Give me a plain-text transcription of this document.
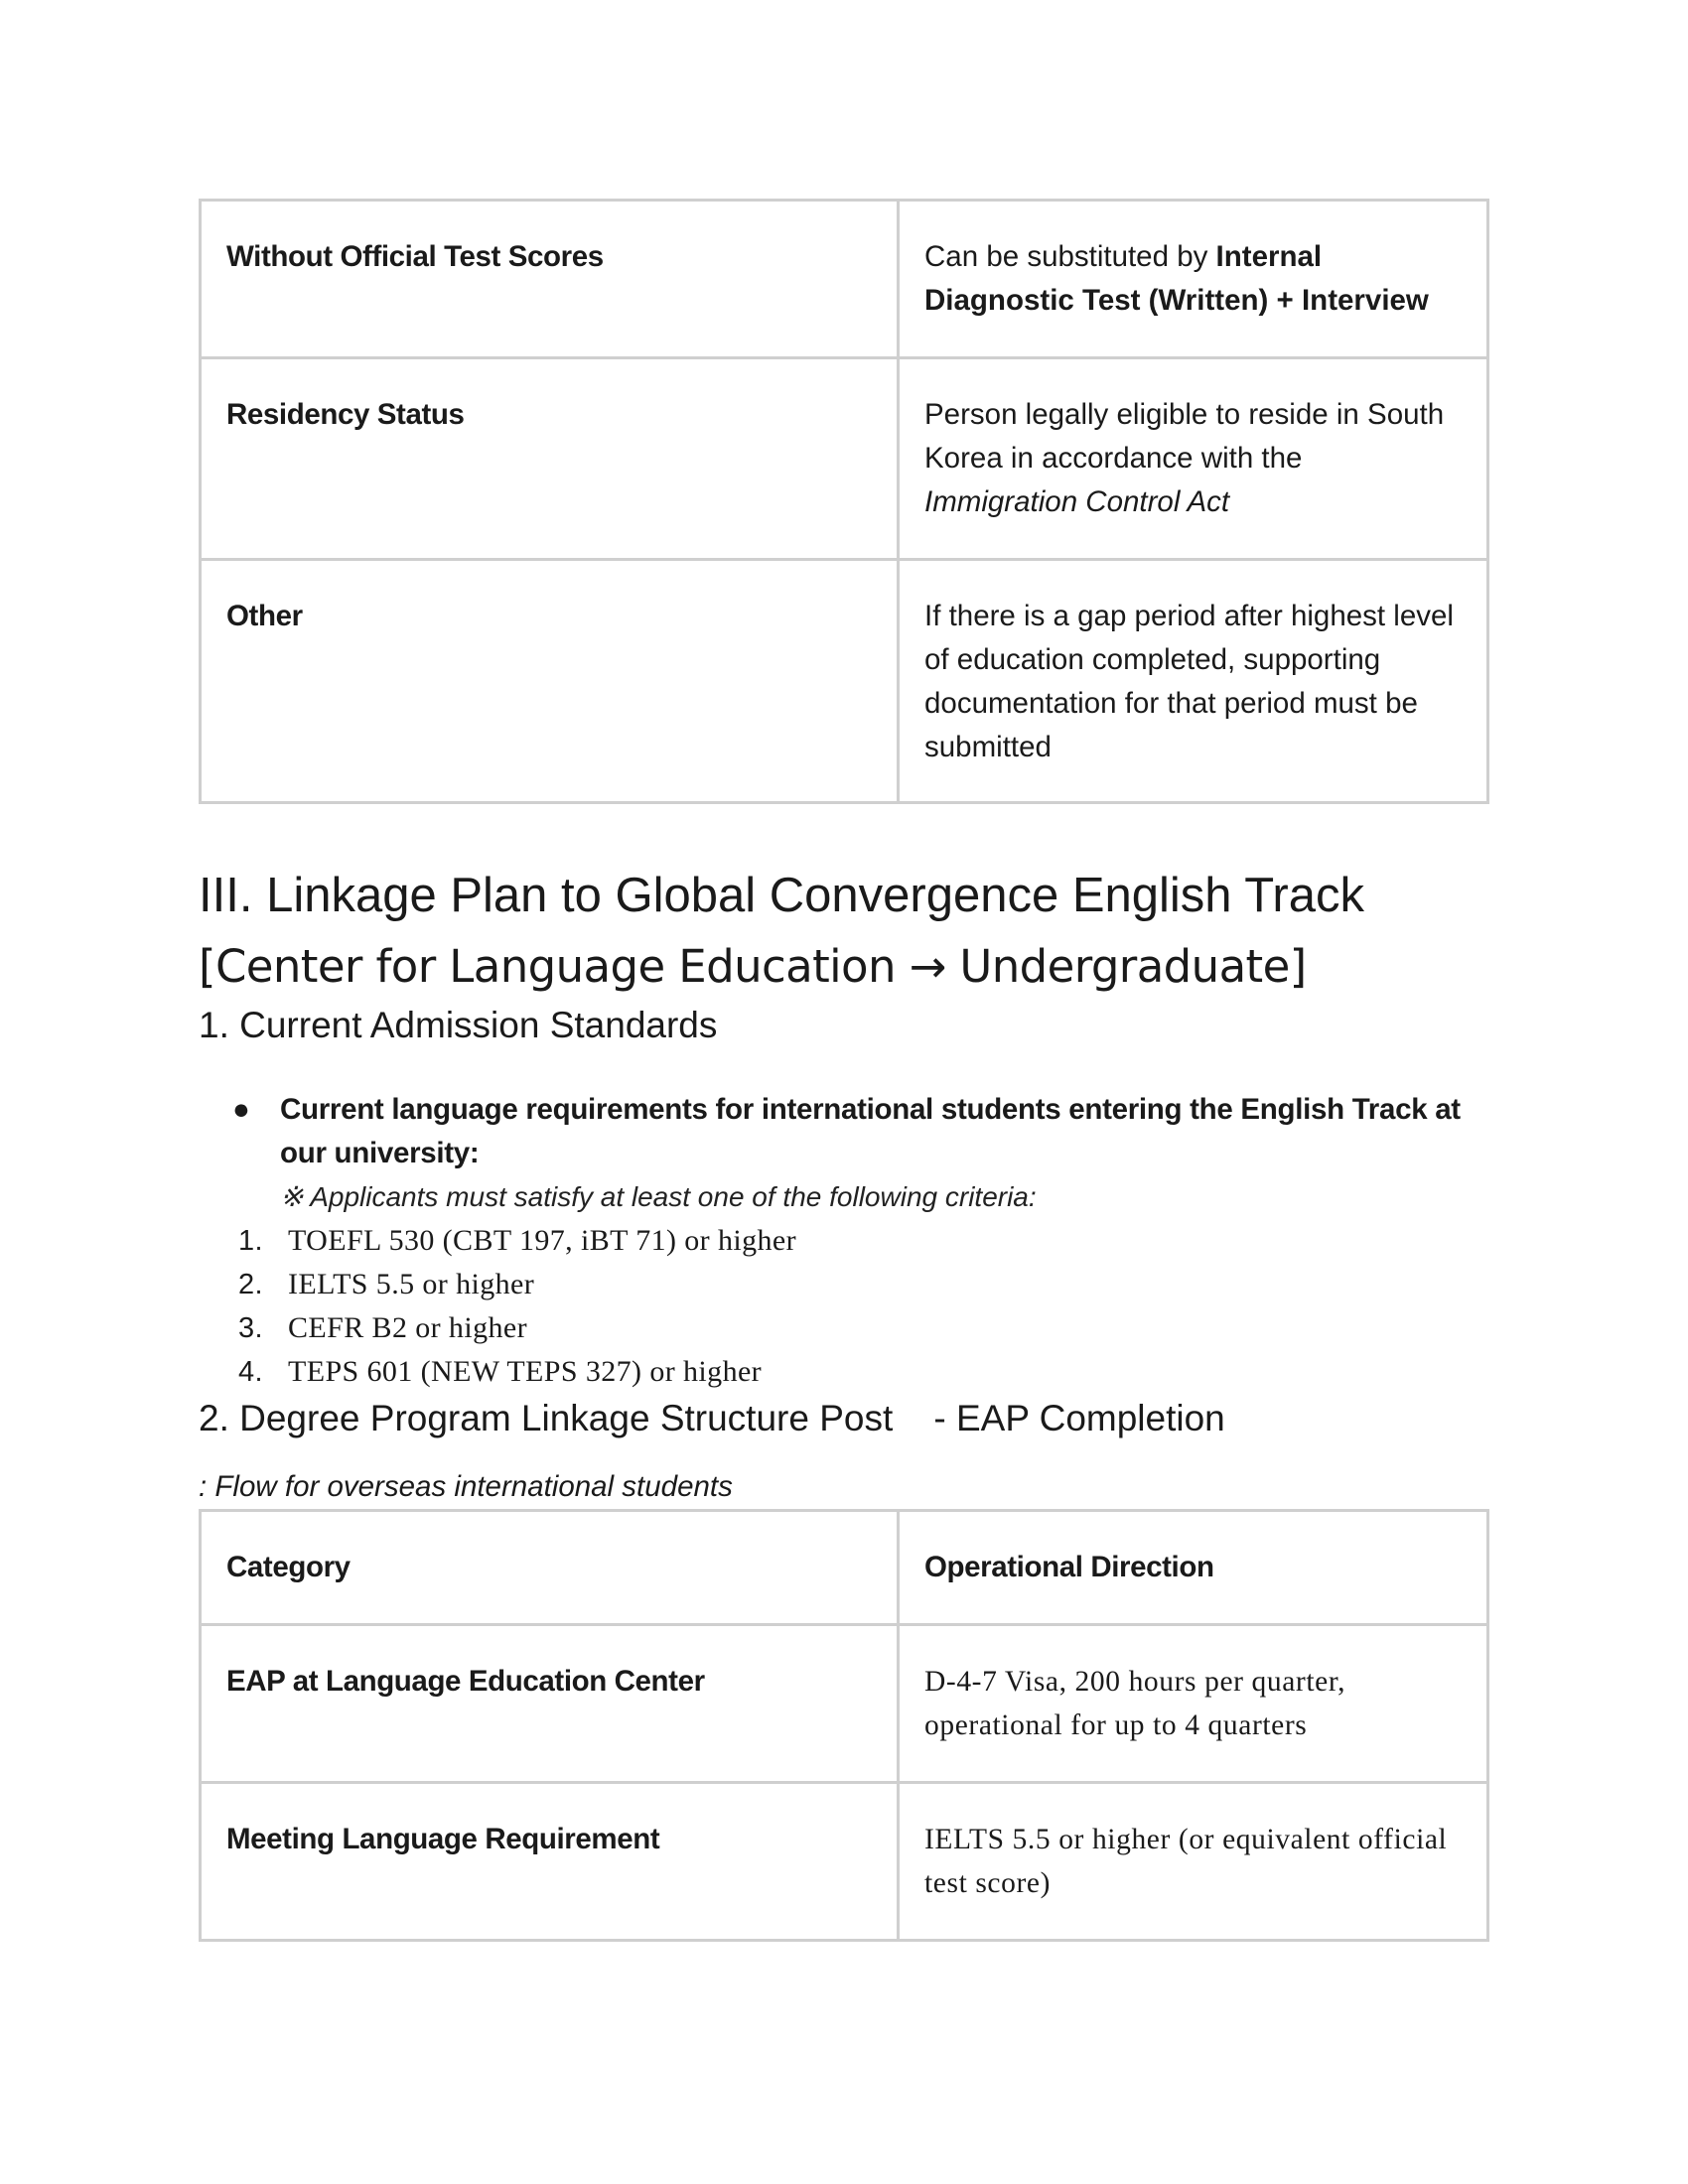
Without Official Test Scores	Can be substituted by Internal Diagnostic Test (Written) + Interview
Residency Status	Person legally eligible to reside in South Korea in accordance with the Immigration Control Act
Other	If there is a gap period after highest level of education completed, supporting documentation for that period must be submitted
III. Linkage Plan to Global Convergence English Track
[Center for Language Education → Undergraduate]
1. Current Admission Standards
● Current language requirements for international students entering the English Track at our university:
※ Applicants must satisfy at least one of the following criteria:
1. TOEFL 530 (CBT 197, iBT 71) or higher
2. IELTS 5.5 or higher
3. CEFR B2 or higher
4. TEPS 601 (NEW TEPS 327) or higher
2. Degree Program Linkage Structure Post    - EAP Completion
: Flow for overseas international students
Category	Operational Direction
EAP at Language Education Center	D-4-7 Visa, 200 hours per quarter, operational for up to 4 quarters
Meeting Language Requirement	IELTS 5.5 or higher (or equivalent official test score)
